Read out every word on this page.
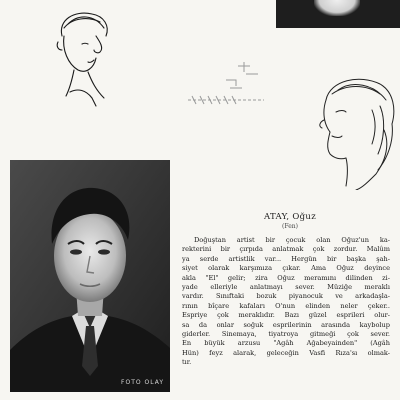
FOTO OLAY

ATAY, Oğuz

(Fen)

Doğuştan artist bir çocuk olan Oğuz'un ka-
rekterini bir çırpıda anlatmak çok zordur. Malûm
ya serde artistlik var... Hergün bir başka şah-
siyet olarak karşımıza çıkar. Ama Oğuz deyince
akla "El" gelir; zira Oğuz meramını dilinden zi-
yade elleriyle anlatmayı sever. Müziğe meraklı
vardır. Sınıftaki bozuk piyanocuk ve arkadaşla-
rının bîçare kafaları O'nun elinden neler çeker..
Espriye çok meraklıdır. Bazı güzel esprileri olur-
sa da onlar soğuk esprilerinin arasında kaybolup
giderler. Sinemaya, tiyatroya gitmeği çok sever.
En büyük arzusu "Agâh Ağabeyainden" (Agâh
Hün) feyz alarak, geleceğin Vasfi Rıza'sı olmak-
tır.
